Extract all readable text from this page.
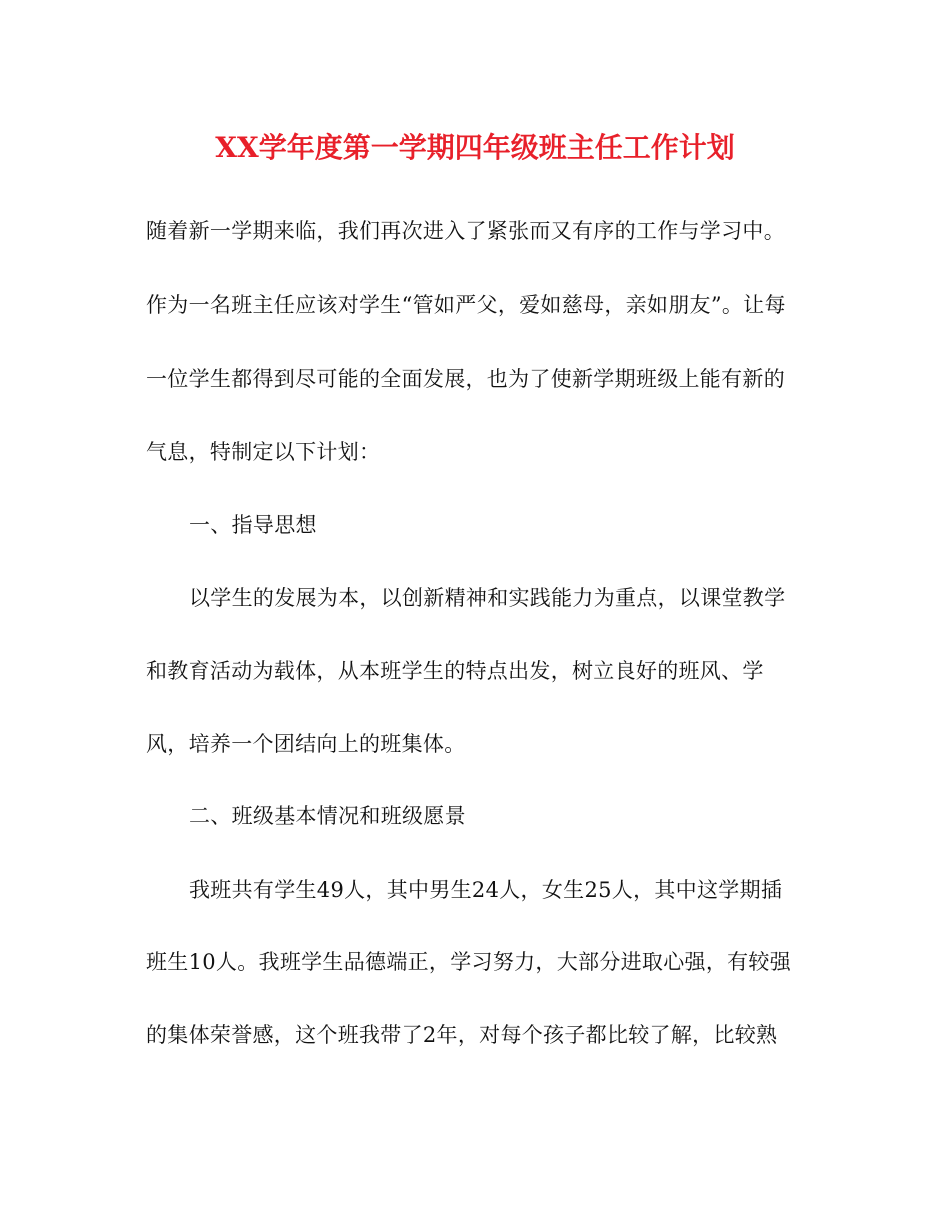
XX学年度第一学期四年级班主任工作计划
随着新一学期来临，我们再次进入了紧张而又有序的工作与学习中。
作为一名班主任应该对学生“管如严父，爱如慈母，亲如朋友”。让每
一位学生都得到尽可能的全面发展，也为了使新学期班级上能有新的
气息，特制定以下计划：
一、指导思想
以学生的发展为本，以创新精神和实践能力为重点，以课堂教学
和教育活动为载体，从本班学生的特点出发，树立良好的班风、学
风，培养一个团结向上的班集体。
二、班级基本情况和班级愿景
我班共有学生49人，其中男生24人，女生25人，其中这学期插
班生10人。我班学生品德端正，学习努力，大部分进取心强，有较强
的集体荣誉感，这个班我带了2年，对每个孩子都比较了解，比较熟
